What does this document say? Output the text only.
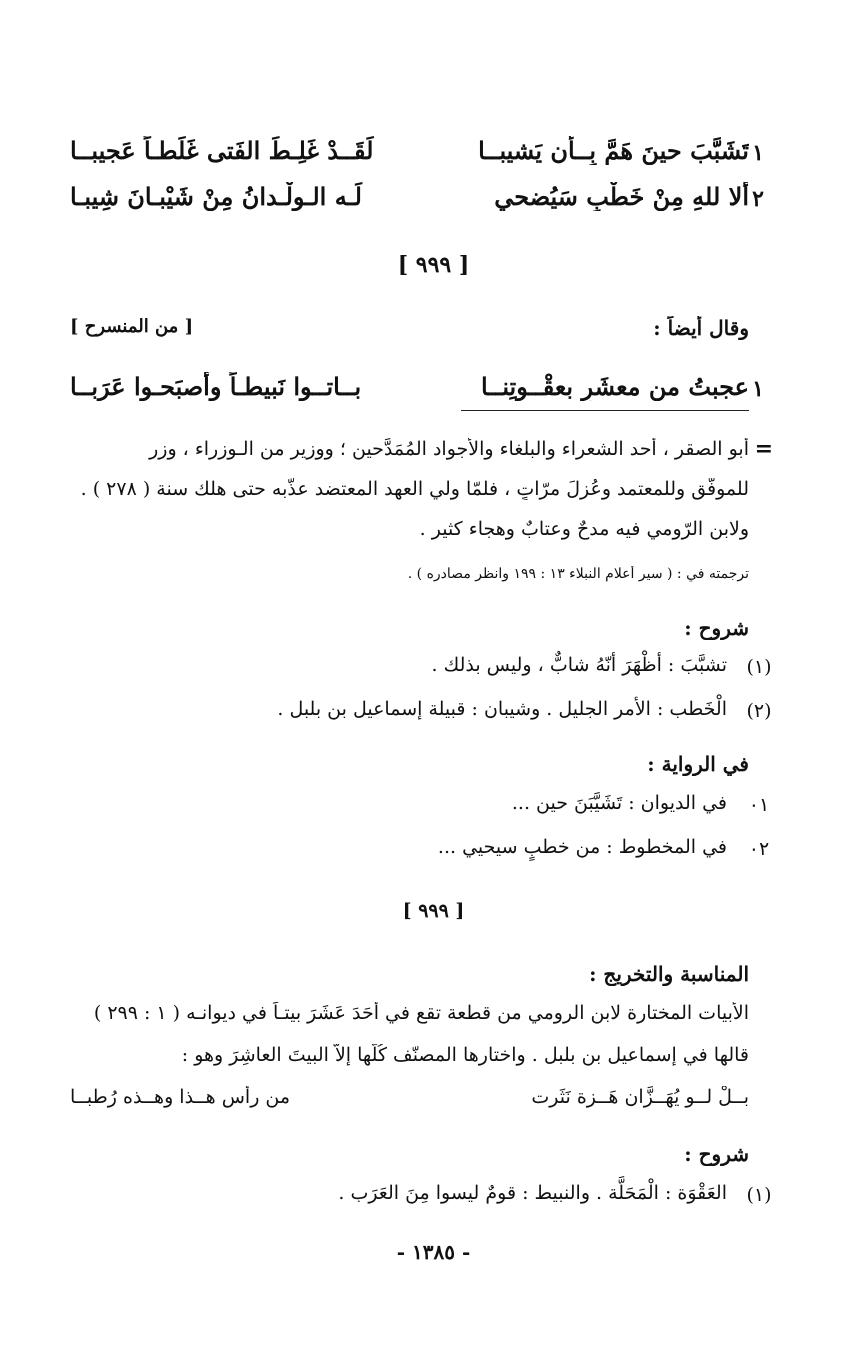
١
تَشَبَّبَ حينَ هَمَّ بِــأن يَشيبــا
لَقَــدْ غَلِـطَ الفَتى غَلَطـاً عَجيبــا
٢
ألا للهِ مِنْ خَطْبٍ سَيُضحي
لَـه الـوِلْـدانُ مِنْ شَيْبـانَ شِيبـا
[ ٩٩٩ ]
وقال أيضاً :
[ من المنسرح ]
١
عجبتُ من معشَرٍ بعقْــوتِنــا
بــاتــوا نَبيطـاً وأصبَحـوا عَرَبــا
=
أبو الصقر ، أحد الشعراء والبلغاء والأجواد المُمَدَّحين ؛ ووزير من الـوزراء ، وزر
للموفّق وللمعتمد وعُزِلَ مرّاتٍ ، فلمّا ولي العهد المعتضد عذّبه حتى هلك سنة ( ٢٧٨ ) .
ولابن الرّومي فيه مدحٌ وعتابٌ وهجاء كثير .
ترجمته في : ( سير أعلام النبلاء ١٣ : ١٩٩ وانظر مصادره ) .
شروح :
(١)
تشبَّبَ : أظْهَرَ أنّهُ شابٌّ ، وليس بذلك .
(٢)
الْخَطب : الأمر الجليل . وشيبان : قبيلة إسماعيل بن بلبل .
في الرواية :
٠١
في الديوان : تَشَيَّبَنَ حين ...
٠٢
في المخطوط : من خطبٍ سيحيي ...
[ ٩٩٩ ]
المناسبة والتخريج :
الأبيات المختارة لابن الرومي من قطعة تقع في أحَدَ عَشَرَ بيتـاً في ديوانـه ( ١ : ٢٩٩ )
قالها في إسماعيل بن بلبل . واختارها المصنّف كُلّها إلاّ البيتَ العاشِرَ وهو :
بــلْ لــو يُهَــزَّان هَــزة نَثَرت
من رأس هــذا وهــذه رُطبــا
شروح :
(١)
العَقْوَة : الْمَحَلَّة . والنبيط : قومٌ ليسوا مِنَ العَرَب .
- ١٣٨٥ -
